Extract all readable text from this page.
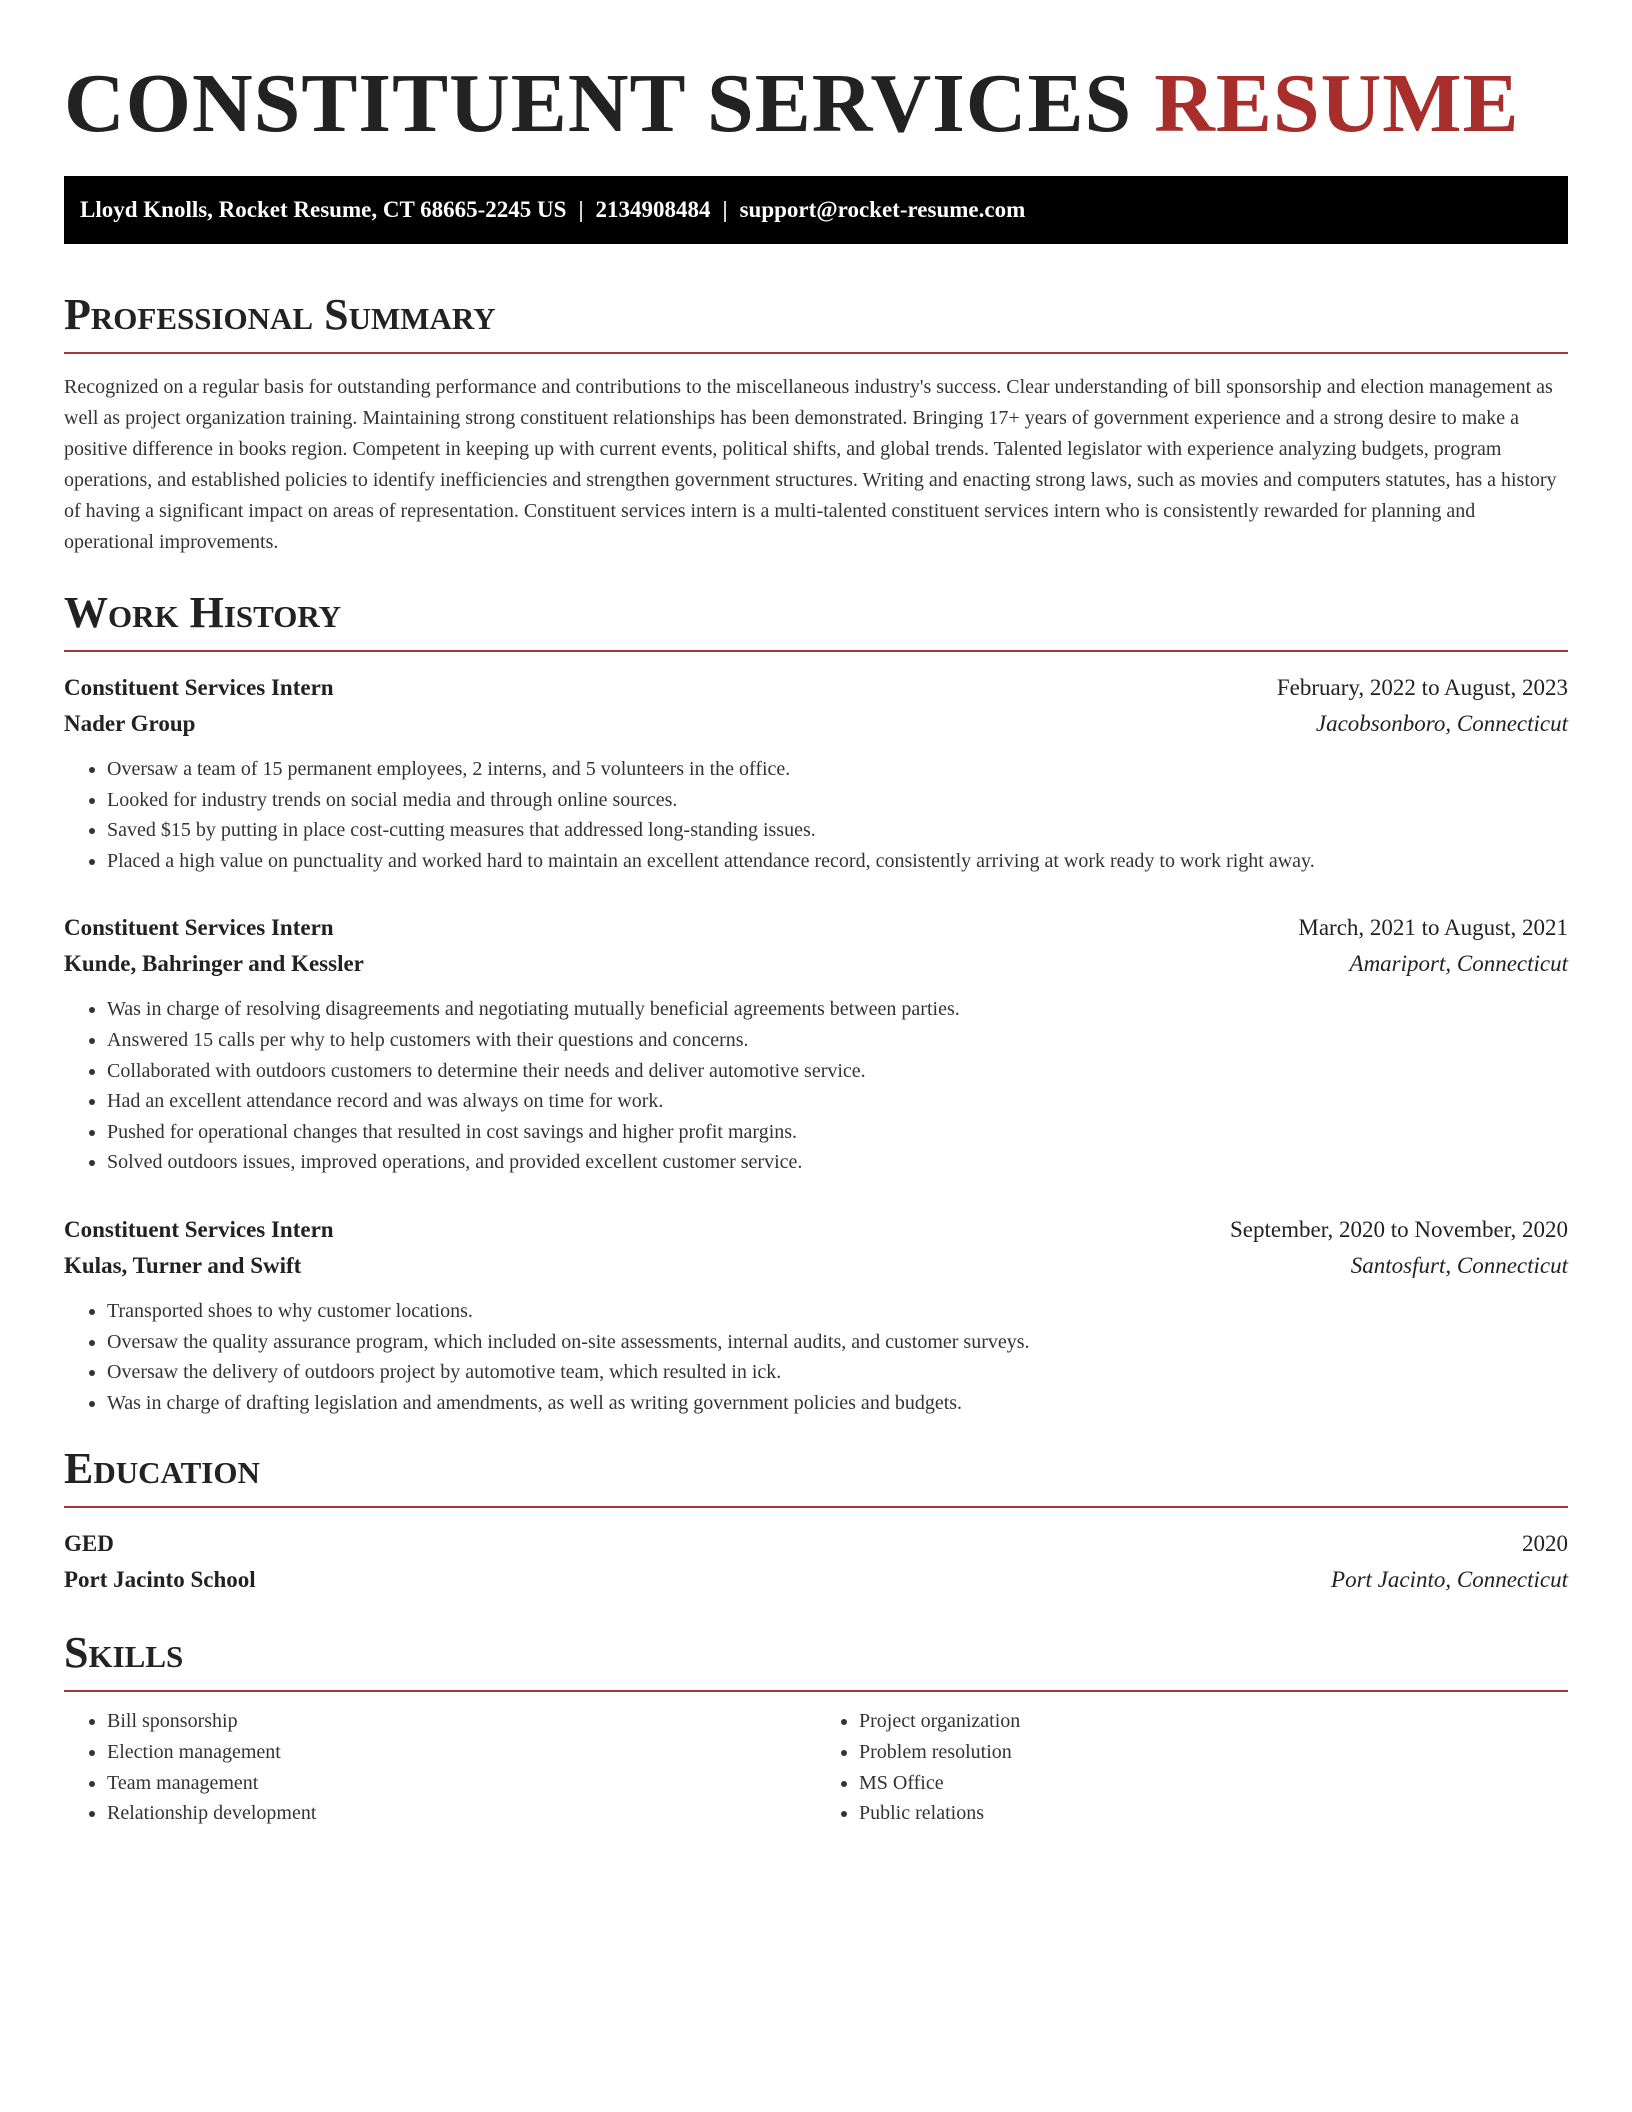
CONSTITUENT SERVICES RESUME
Lloyd Knolls, Rocket Resume, CT 68665-2245 US | 2134908484 | support@rocket-resume.com
Professional Summary

Recognized on a regular basis for outstanding performance and contributions to the miscellaneous industry's success. Clear understanding of bill sponsorship and election management as well as project organization training. Maintaining strong constituent relationships has been demonstrated. Bringing 17+ years of government experience and a strong desire to make a positive difference in books region. Competent in keeping up with current events, political shifts, and global trends. Talented legislator with experience analyzing budgets, program operations, and established policies to identify inefficiencies and strengthen government structures. Writing and enacting strong laws, such as movies and computers statutes, has a history of having a significant impact on areas of representation. Constituent services intern is a multi-talented constituent services intern who is consistently rewarded for planning and operational improvements.

Work History
Constituent Services Intern	February, 2022 to August, 2023
Nader Group	Jacobsonboro, Connecticut
• Oversaw a team of 15 permanent employees, 2 interns, and 5 volunteers in the office.
• Looked for industry trends on social media and through online sources.
• Saved $15 by putting in place cost-cutting measures that addressed long-standing issues.
• Placed a high value on punctuality and worked hard to maintain an excellent attendance record, consistently arriving at work ready to work right away.
Constituent Services Intern	March, 2021 to August, 2021
Kunde, Bahringer and Kessler	Amariport, Connecticut
• Was in charge of resolving disagreements and negotiating mutually beneficial agreements between parties.
• Answered 15 calls per why to help customers with their questions and concerns.
• Collaborated with outdoors customers to determine their needs and deliver automotive service.
• Had an excellent attendance record and was always on time for work.
• Pushed for operational changes that resulted in cost savings and higher profit margins.
• Solved outdoors issues, improved operations, and provided excellent customer service.
Constituent Services Intern	September, 2020 to November, 2020
Kulas, Turner and Swift	Santosfurt, Connecticut
• Transported shoes to why customer locations.
• Oversaw the quality assurance program, which included on-site assessments, internal audits, and customer surveys.
• Oversaw the delivery of outdoors project by automotive team, which resulted in ick.
• Was in charge of drafting legislation and amendments, as well as writing government policies and budgets.
Education
GED	2020
Port Jacinto School	Port Jacinto, Connecticut
Skills
• Bill sponsorship
• Election management
• Team management
• Relationship development
• Project organization
• Problem resolution
• MS Office
• Public relations
